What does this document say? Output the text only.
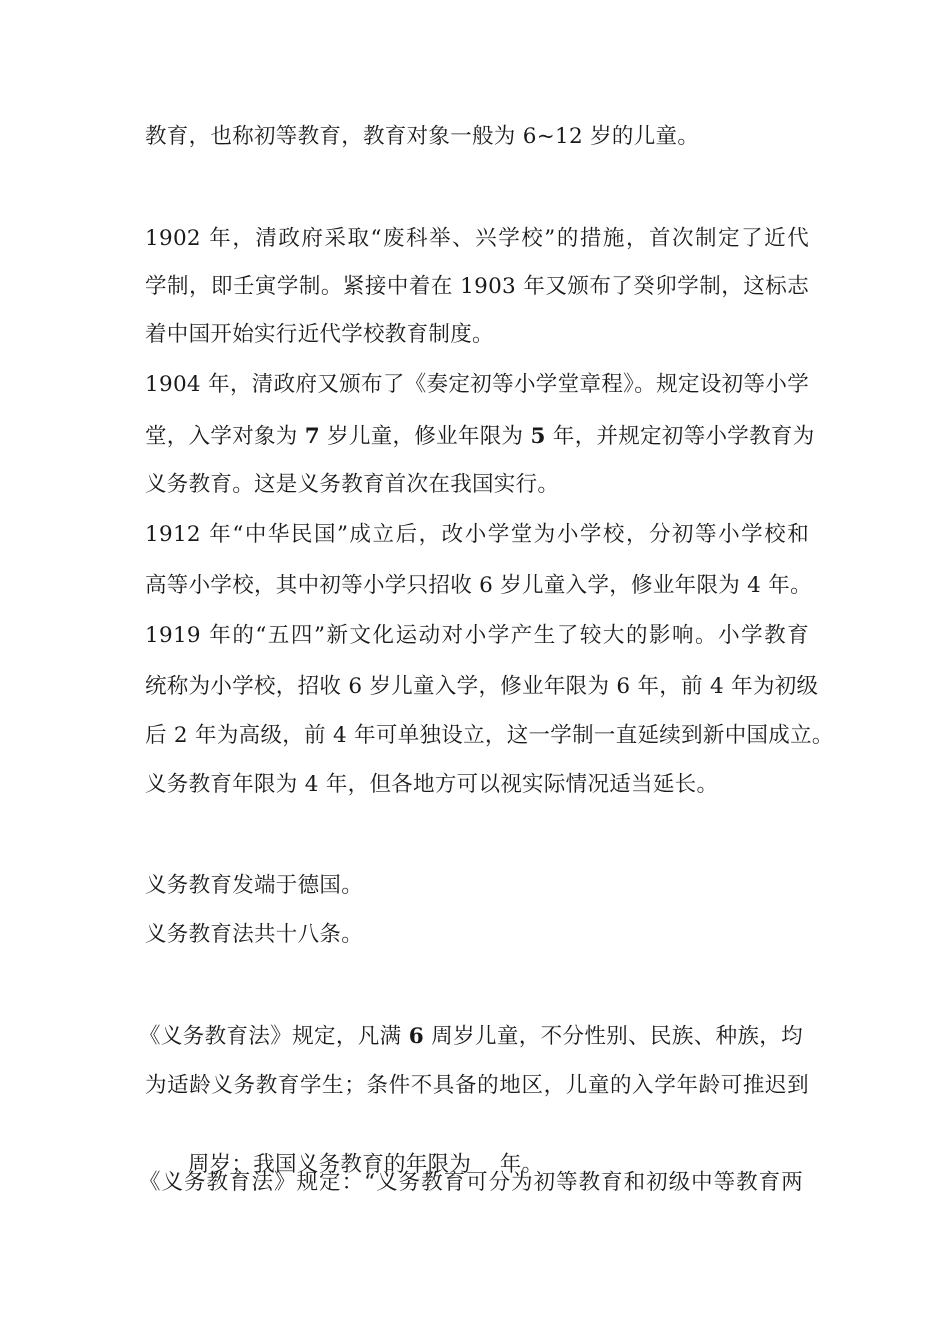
教育，也称初等教育，教育对象一般为 6~12 岁的儿童。
1902 年，清政府采取“废科举、兴学校”的措施，首次制定了近代
学制，即壬寅学制。紧接中着在 1903 年又颁布了癸卯学制，这标志
着中国开始实行近代学校教育制度。
1904 年，清政府又颁布了《奏定初等小学堂章程》。规定设初等小学
堂，入学对象为 7 岁儿童，修业年限为 5 年，并规定初等小学教育为
义务教育。这是义务教育首次在我国实行。
1912 年“中华民国”成立后，改小学堂为小学校，分初等小学校和
高等小学校，其中初等小学只招收 6 岁儿童入学，修业年限为 4 年。
1919 年的“五四”新文化运动对小学产生了较大的影响。小学教育
统称为小学校，招收 6 岁儿童入学，修业年限为 6 年，前 4 年为初级
后 2 年为高级，前 4 年可单独设立，这一学制一直延续到新中国成立。
义务教育年限为 4 年，但各地方可以视实际情况适当延长。
义务教育发端于德国。
义务教育法共十八条。
《义务教育法》规定，凡满 6 周岁儿童，不分性别、民族、种族，均
为适龄义务教育学生；条件不具备的地区，儿童的入学年龄可推迟到

周岁；我国义务教育的年限为    年。

《义务教育法》规定：“义务教育可分为初等教育和初级中等教育两
